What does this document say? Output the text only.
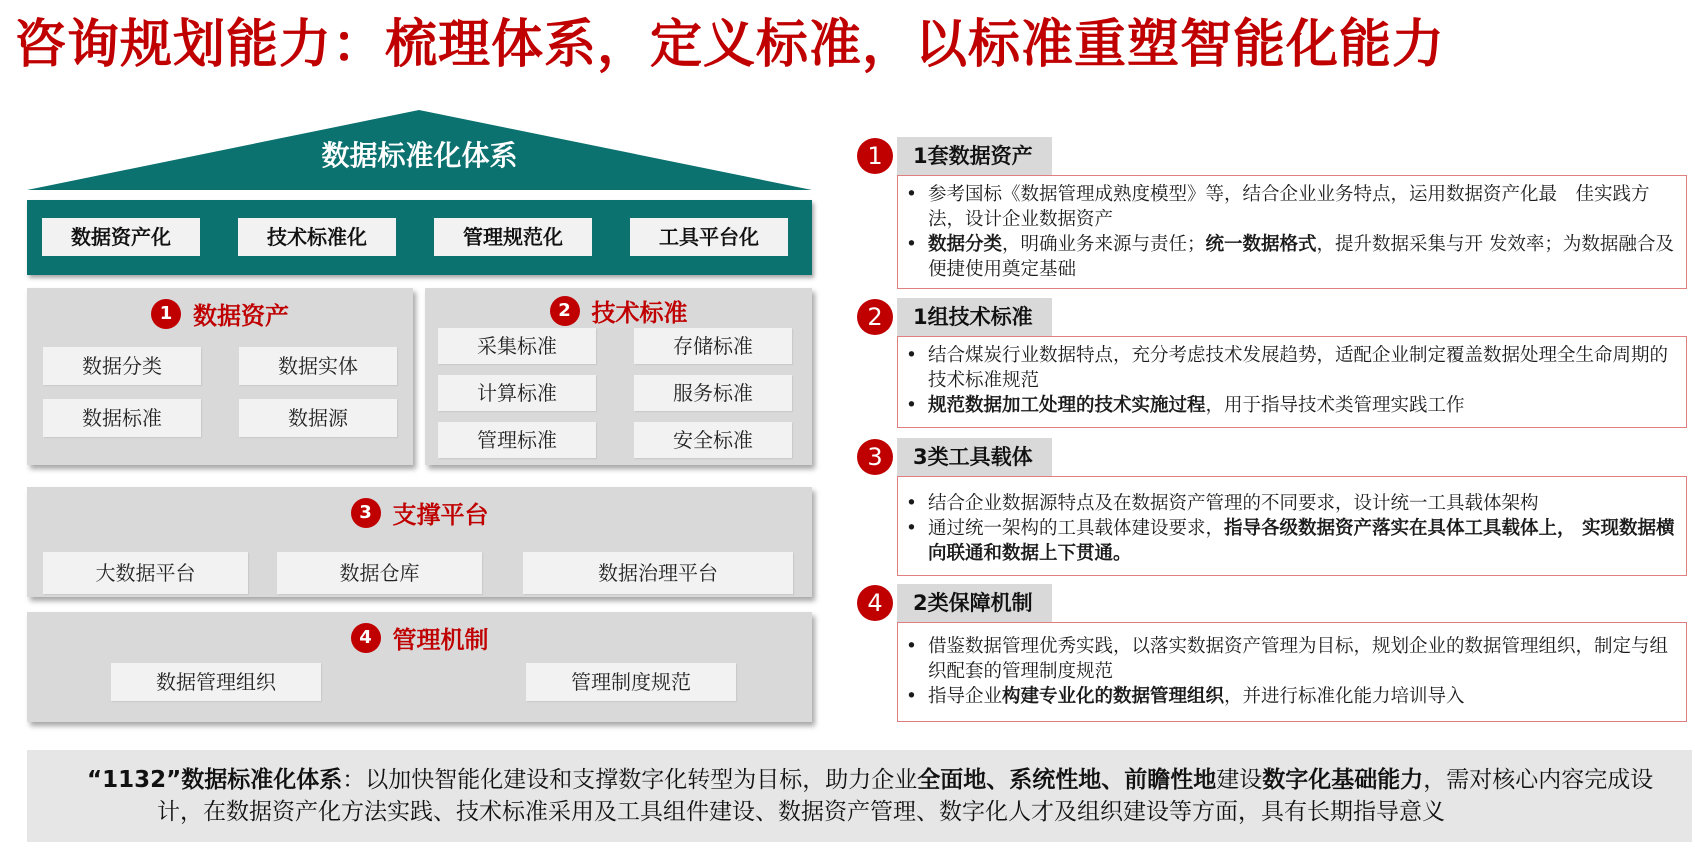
咨询规划能力：梳理体系，定义标准，以标准重塑智能化能力
数据标准化体系
数据资产化	技术标准化	管理规范化	工具平台化
1 数据资产
数据分类	数据实体
数据标准	数据源
2 技术标准
采集标准	存储标准
计算标准	服务标准
管理标准	安全标准
3 支撑平台
大数据平台	数据仓库	数据治理平台
4 管理机制
数据管理组织	管理制度规范
1	1套数据资产
• 参考国标《数据管理成熟度模型》等，结合企业业务特点，运用数据资产化最　佳实践方法，设计企业数据资产
• 数据分类，明确业务来源与责任；统一数据格式，提升数据采集与开 发效率；为数据融合及便捷使用奠定基础
2	1组技术标准
• 结合煤炭行业数据特点，充分考虑技术发展趋势，适配企业制定覆盖数据处理全生命周期的技术标准规范
• 规范数据加工处理的技术实施过程，用于指导技术类管理实践工作
3	3类工具载体
• 结合企业数据源特点及在数据资产管理的不同要求，设计统一工具载体架构
• 通过统一架构的工具载体建设要求，指导各级数据资产落实在具体工具载体上， 实现数据横向联通和数据上下贯通。
4	2类保障机制
• 借鉴数据管理优秀实践，以落实数据资产管理为目标，规划企业的数据管理组织，制定与组织配套的管理制度规范
• 指导企业构建专业化的数据管理组织，并进行标准化能力培训导入
“1132”数据标准化体系：以加快智能化建设和支撑数字化转型为目标，助力企业全面地、系统性地、前瞻性地建设数字化基础能力，需对核心内容完成设计，在数据资产化方法实践、技术标准采用及工具组件建设、数据资产管理、数字化人才及组织建设等方面，具有长期指导意义
